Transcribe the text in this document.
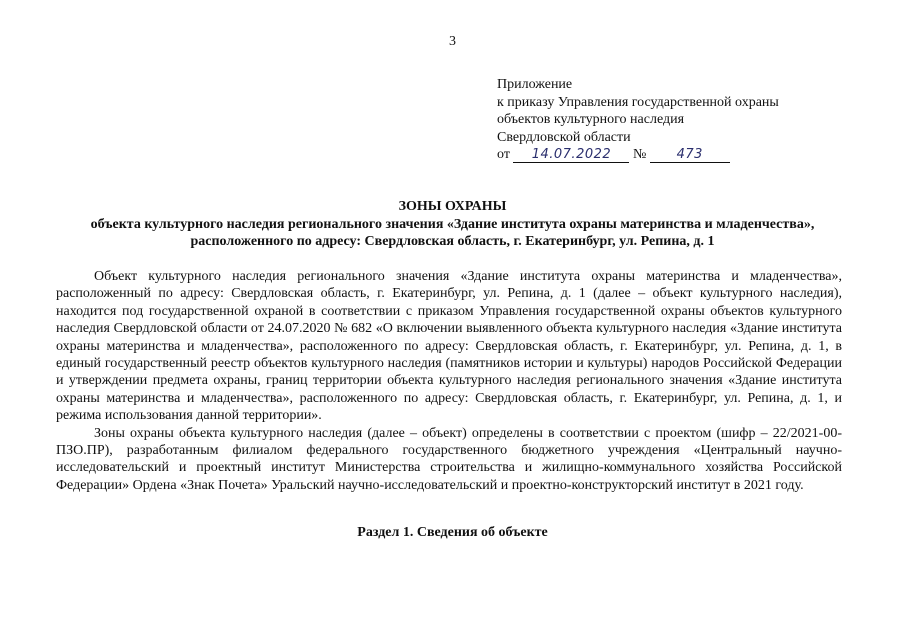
3
Приложение
к приказу Управления государственной охраны
объектов культурного наследия
Свердловской области
от 14.07.2022 № 473
ЗОНЫ ОХРАНЫ
объекта культурного наследия регионального значения «Здание института охраны материнства и младенчества»,
расположенного по адресу: Свердловская область, г. Екатеринбург, ул. Репина, д. 1

Объект культурного наследия регионального значения «Здание института охраны материнства и младенчества», расположенный по адресу: Свердловская область, г. Екатеринбург, ул. Репина, д. 1 (далее – объект культурного наследия), находится под государственной охраной в соответствии с приказом Управления государственной охраны объектов культурного наследия Свердловской области от 24.07.2020 № 682 «О включении выявленного объекта культурного наследия «Здание института охраны материнства и младенчества», расположенного по адресу: Свердловская область, г. Екатеринбург, ул. Репина, д. 1, в единый государственный реестр объектов культурного наследия (памятников истории и культуры) народов Российской Федерации и утверждении предмета охраны, границ территории объекта культурного наследия регионального значения «Здание института охраны материнства и младенчества», расположенного по адресу: Свердловская область, г. Екатеринбург, ул. Репина, д. 1, и режима использования данной территории».

Зоны охраны объекта культурного наследия (далее – объект) определены в соответствии с проектом (шифр – 22/2021-00-ПЗО.ПР), разработанным филиалом федерального государственного бюджетного учреждения «Центральный научно-исследовательский и проектный институт Министерства строительства и жилищно-коммунального хозяйства Российской Федерации» Ордена «Знак Почета» Уральский научно-исследовательский и проектно-конструкторский институт в 2021 году.

Раздел 1. Сведения об объекте
